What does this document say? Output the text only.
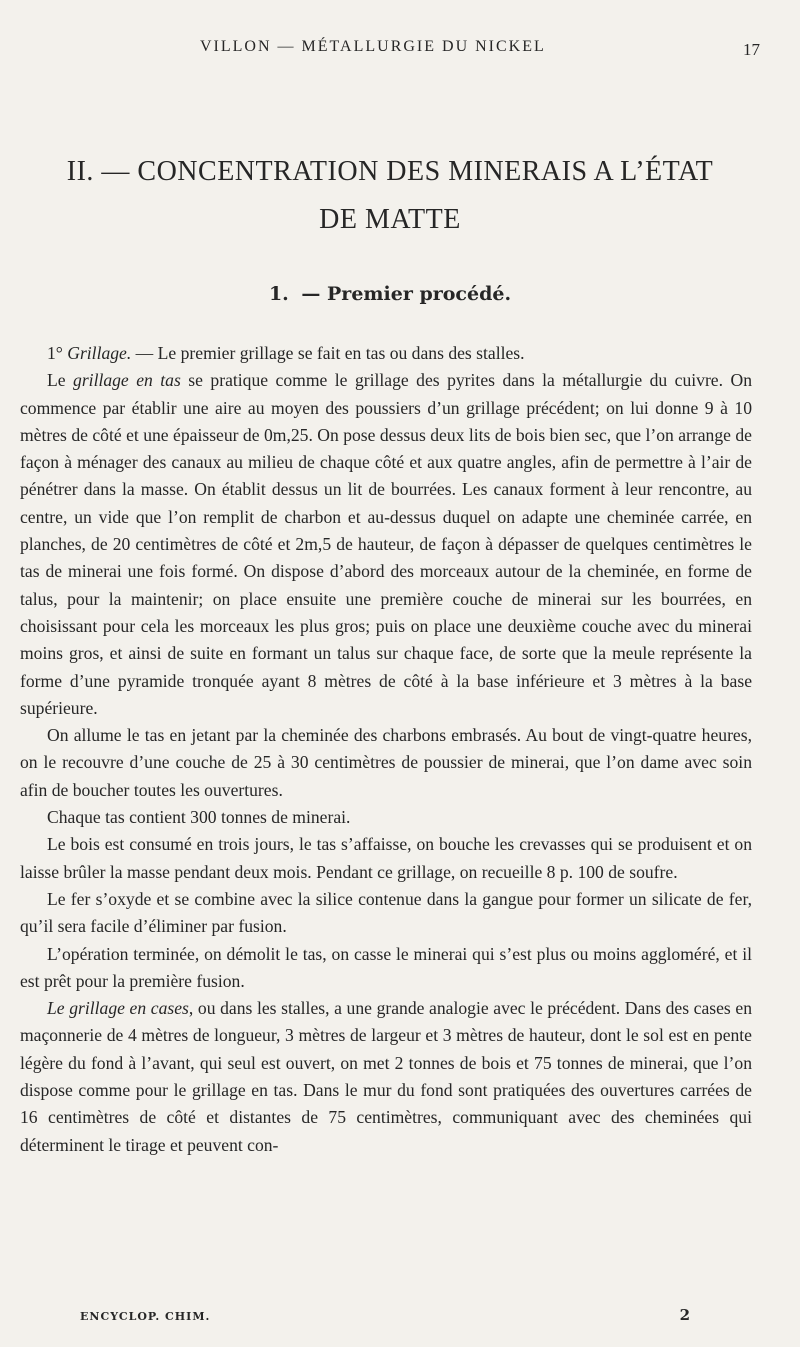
VILLON — MÉTALLURGIE DU NICKEL	17
II. — CONCENTRATION DES MINERAIS A L’ÉTAT
DE MATTE
1. — Premier procédé.

1° Grillage. — Le premier grillage se fait en tas ou dans des stalles.

Le grillage en tas se pratique comme le grillage des pyrites dans la métallurgie du cuivre. On commence par établir une aire au moyen des poussiers d’un grillage précédent; on lui donne 9 à 10 mètres de côté et une épaisseur de 0m,25. On pose dessus deux lits de bois bien sec, que l’on arrange de façon à ménager des canaux au milieu de chaque côté et aux quatre angles, afin de permettre à l’air de pénétrer dans la masse. On établit dessus un lit de bourrées. Les canaux forment à leur rencontre, au centre, un vide que l’on remplit de charbon et au-dessus duquel on adapte une cheminée carrée, en planches, de 20 centimètres de côté et 2m,5 de hauteur, de façon à dépasser de quelques centimètres le tas de minerai une fois formé. On dispose d’abord des morceaux autour de la cheminée, en forme de talus, pour la maintenir; on place ensuite une première couche de minerai sur les bourrées, en choisissant pour cela les morceaux les plus gros; puis on place une deuxième couche avec du minerai moins gros, et ainsi de suite en formant un talus sur chaque face, de sorte que la meule représente la forme d’une pyramide tronquée ayant 8 mètres de côté à la base inférieure et 3 mètres à la base supérieure.

On allume le tas en jetant par la cheminée des charbons embrasés. Au bout de vingt-quatre heures, on le recouvre d’une couche de 25 à 30 centimètres de poussier de minerai, que l’on dame avec soin afin de boucher toutes les ouvertures.

Chaque tas contient 300 tonnes de minerai.

Le bois est consumé en trois jours, le tas s’affaisse, on bouche les crevasses qui se produisent et on laisse brûler la masse pendant deux mois. Pendant ce grillage, on recueille 8 p. 100 de soufre.

Le fer s’oxyde et se combine avec la silice contenue dans la gangue pour former un silicate de fer, qu’il sera facile d’éliminer par fusion.

L’opération terminée, on démolit le tas, on casse le minerai qui s’est plus ou moins aggloméré, et il est prêt pour la première fusion.

Le grillage en cases, ou dans les stalles, a une grande analogie avec le précédent. Dans des cases en maçonnerie de 4 mètres de longueur, 3 mètres de largeur et 3 mètres de hauteur, dont le sol est en pente légère du fond à l’avant, qui seul est ouvert, on met 2 tonnes de bois et 75 tonnes de minerai, que l’on dispose comme pour le grillage en tas. Dans le mur du fond sont pratiquées des ouvertures carrées de 16 centimètres de côté et distantes de 75 centimètres, communiquant avec des cheminées qui déterminent le tirage et peuvent con-

ENCYCLOP. CHIM.	2
